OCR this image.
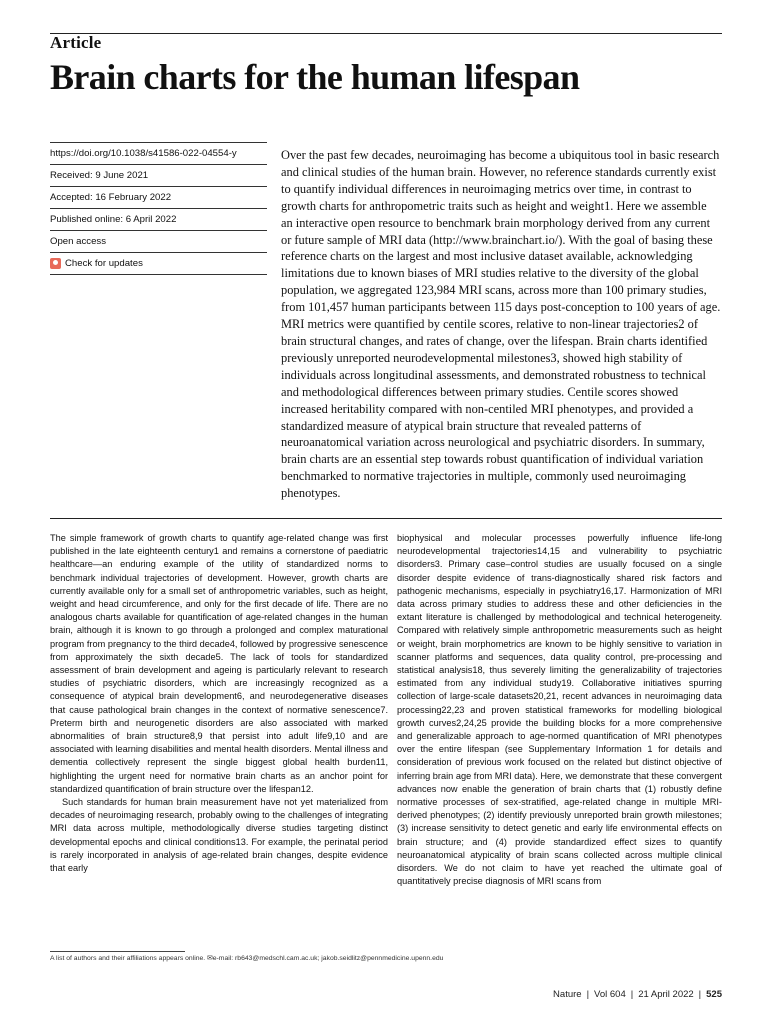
Article
Brain charts for the human lifespan
https://doi.org/10.1038/s41586-022-04554-y
Received: 9 June 2021
Accepted: 16 February 2022
Published online: 6 April 2022
Open access
Check for updates

Over the past few decades, neuroimaging has become a ubiquitous tool in basic research and clinical studies of the human brain. However, no reference standards currently exist to quantify individual differences in neuroimaging metrics over time, in contrast to growth charts for anthropometric traits such as height and weight1. Here we assemble an interactive open resource to benchmark brain morphology derived from any current or future sample of MRI data (http://www.brainchart.io/). With the goal of basing these reference charts on the largest and most inclusive dataset available, acknowledging limitations due to known biases of MRI studies relative to the diversity of the global population, we aggregated 123,984 MRI scans, across more than 100 primary studies, from 101,457 human participants between 115 days post-conception to 100 years of age. MRI metrics were quantified by centile scores, relative to non-linear trajectories2 of brain structural changes, and rates of change, over the lifespan. Brain charts identified previously unreported neurodevelopmental milestones3, showed high stability of individuals across longitudinal assessments, and demonstrated robustness to technical and methodological differences between primary studies. Centile scores showed increased heritability compared with non-centiled MRI phenotypes, and provided a standardized measure of atypical brain structure that revealed patterns of neuroanatomical variation across neurological and psychiatric disorders. In summary, brain charts are an essential step towards robust quantification of individual variation benchmarked to normative trajectories in multiple, commonly used neuroimaging phenotypes.

The simple framework of growth charts to quantify age-related change was first published in the late eighteenth century1 and remains a cornerstone of paediatric healthcare—an enduring example of the utility of standardized norms to benchmark individual trajectories of development. However, growth charts are currently available only for a small set of anthropometric variables, such as height, weight and head circumference, and only for the first decade of life. There are no analogous charts available for quantification of age-related changes in the human brain, although it is known to go through a prolonged and complex maturational program from pregnancy to the third decade4, followed by progressive senescence from approximately the sixth decade5. The lack of tools for standardized assessment of brain development and ageing is particularly relevant to research studies of psychiatric disorders, which are increasingly recognized as a consequence of atypical brain development6, and neurodegenerative diseases that cause pathological brain changes in the context of normative senescence7. Preterm birth and neurogenetic disorders are also associated with marked abnormalities of brain structure8,9 that persist into adult life9,10 and are associated with learning disabilities and mental health disorders. Mental illness and dementia collectively represent the single biggest global health burden11, highlighting the urgent need for normative brain charts as an anchor point for standardized quantification of brain structure over the lifespan12.

Such standards for human brain measurement have not yet materialized from decades of neuroimaging research, probably owing to the challenges of integrating MRI data across multiple, methodologically diverse studies targeting distinct developmental epochs and clinical conditions13. For example, the perinatal period is rarely incorporated in analysis of age-related brain changes, despite evidence that early

biophysical and molecular processes powerfully influence life-long neurodevelopmental trajectories14,15 and vulnerability to psychiatric disorders3. Primary case–control studies are usually focused on a single disorder despite evidence of trans-diagnostically shared risk factors and pathogenic mechanisms, especially in psychiatry16,17. Harmonization of MRI data across primary studies to address these and other deficiencies in the extant literature is challenged by methodological and technical heterogeneity. Compared with relatively simple anthropometric measurements such as height or weight, brain morphometrics are known to be highly sensitive to variation in scanner platforms and sequences, data quality control, pre-processing and statistical analysis18, thus severely limiting the generalizability of trajectories estimated from any individual study19. Collaborative initiatives spurring collection of large-scale datasets20,21, recent advances in neuroimaging data processing22,23 and proven statistical frameworks for modelling biological growth curves2,24,25 provide the building blocks for a more comprehensive and generalizable approach to age-normed quantification of MRI phenotypes over the entire lifespan (see Supplementary Information 1 for details and consideration of previous work focused on the related but distinct objective of inferring brain age from MRI data). Here, we demonstrate that these convergent advances now enable the generation of brain charts that (1) robustly define normative processes of sex-stratified, age-related change in multiple MRI-derived phenotypes; (2) identify previously unreported brain growth milestones; (3) increase sensitivity to detect genetic and early life environmental effects on brain structure; and (4) provide standardized effect sizes to quantify neuroanatomical atypicality of brain scans collected across multiple clinical disorders. We do not claim to have yet reached the ultimate goal of quantitatively precise diagnosis of MRI scans from

A list of authors and their affiliations appears online. ✉e-mail: rb643@medschl.cam.ac.uk; jakob.seidlitz@pennmedicine.upenn.edu
Nature | Vol 604 | 21 April 2022 | 525
